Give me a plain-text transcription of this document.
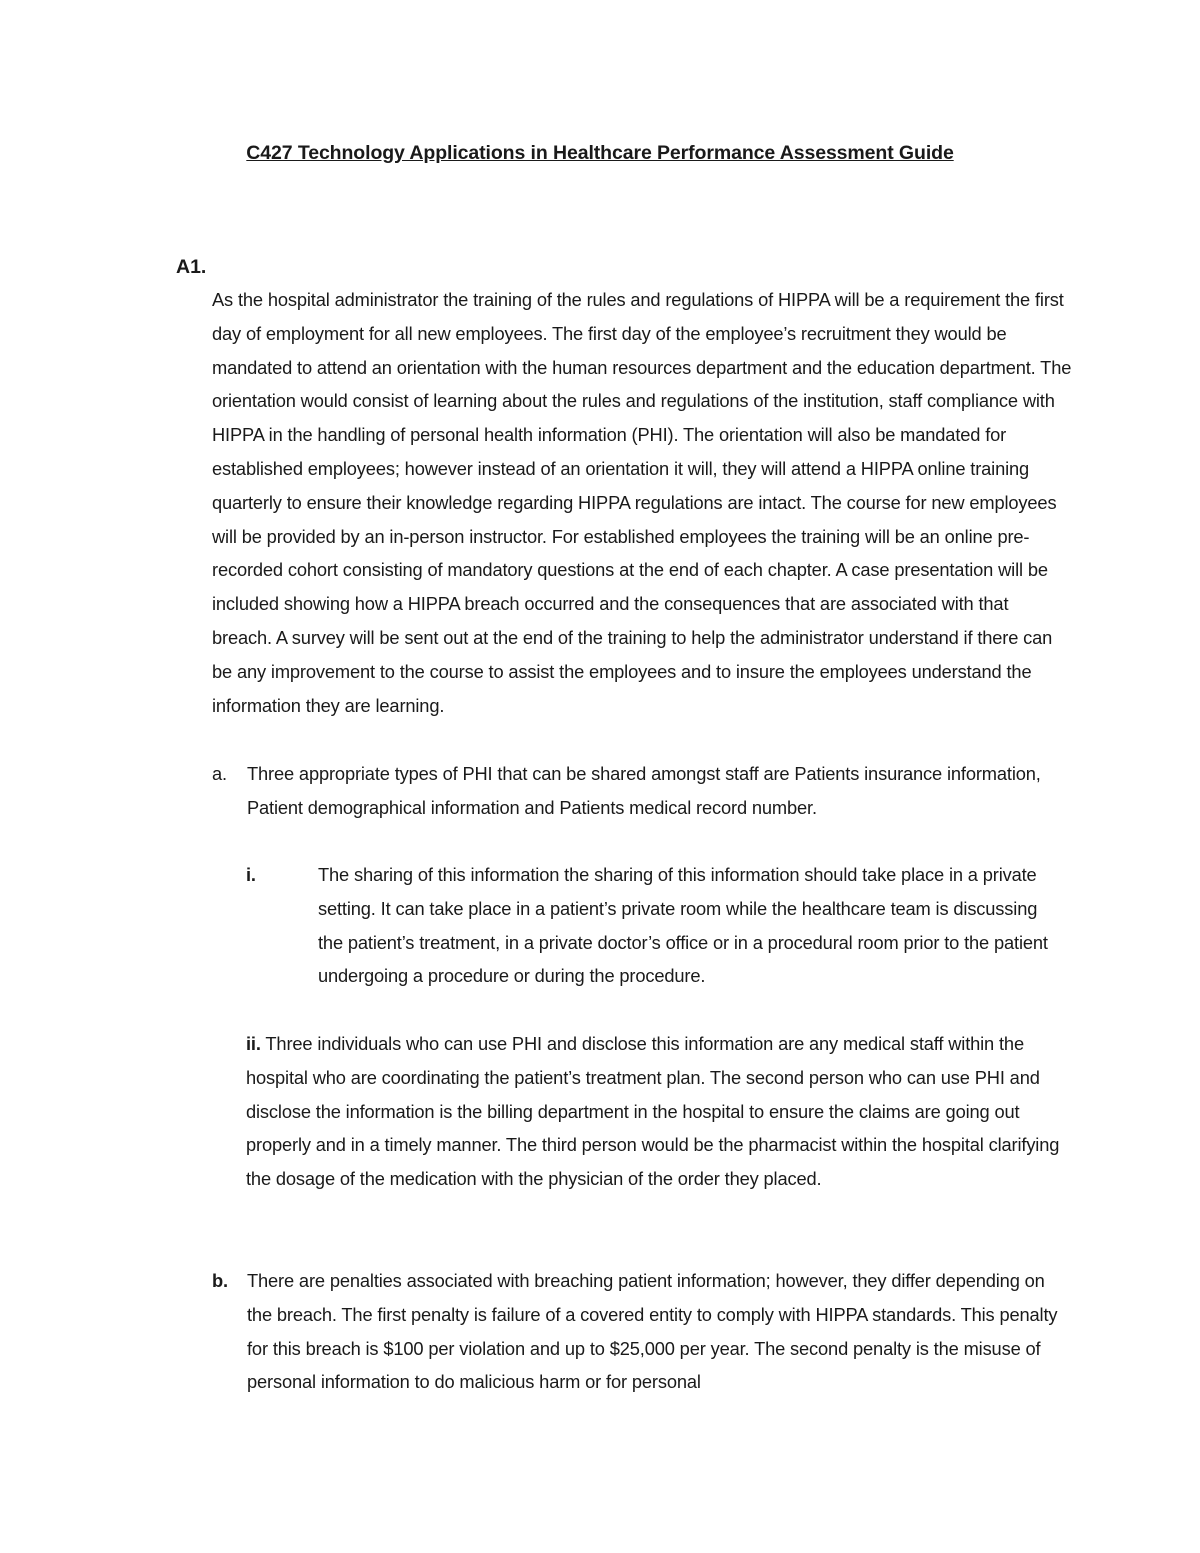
C427 Technology Applications in Healthcare Performance Assessment Guide
A1.

As the hospital administrator the training of the rules and regulations of HIPPA will be a requirement the first day of employment for all new employees. The first day of the employee’s recruitment they would be mandated to attend an orientation with the human resources department and the education department. The orientation would consist of learning about the rules and regulations of the institution, staff compliance with HIPPA in the handling of personal health information (PHI). The orientation will also be mandated for established employees; however instead of an orientation it will, they will attend a HIPPA online training quarterly to ensure their knowledge regarding HIPPA regulations are intact. The course for new employees will be provided by an in-person instructor. For established employees the training will be an online pre-recorded cohort consisting of mandatory questions at the end of each chapter. A case presentation will be included showing how a HIPPA breach occurred and the consequences that are associated with that breach. A survey will be sent out at the end of the training to help the administrator understand if there can be any improvement to the course to assist the employees and to insure the employees understand the information they are learning.

a. Three appropriate types of PHI that can be shared amongst staff are Patients insurance information, Patient demographical information and Patients medical record number.
i.	The sharing of this information the sharing of this information should take place in a private setting. It can take place in a patient’s private room while the healthcare team is discussing the patient’s treatment, in a private doctor’s office or in a procedural room prior to the patient undergoing a procedure or during the procedure.
ii. Three individuals who can use PHI and disclose this information are any medical staff within the hospital who are coordinating the patient’s treatment plan. The second person who can use PHI and disclose the information is the billing department in the hospital to ensure the claims are going out properly and in a timely manner. The third person would be the pharmacist within the hospital clarifying the dosage of the medication with the physician of the order they placed.
b. There are penalties associated with breaching patient information; however, they differ depending on the breach. The first penalty is failure of a covered entity to comply with HIPPA standards. This penalty for this breach is $100 per violation and up to $25,000 per year. The second penalty is the misuse of personal information to do malicious harm or for personal
